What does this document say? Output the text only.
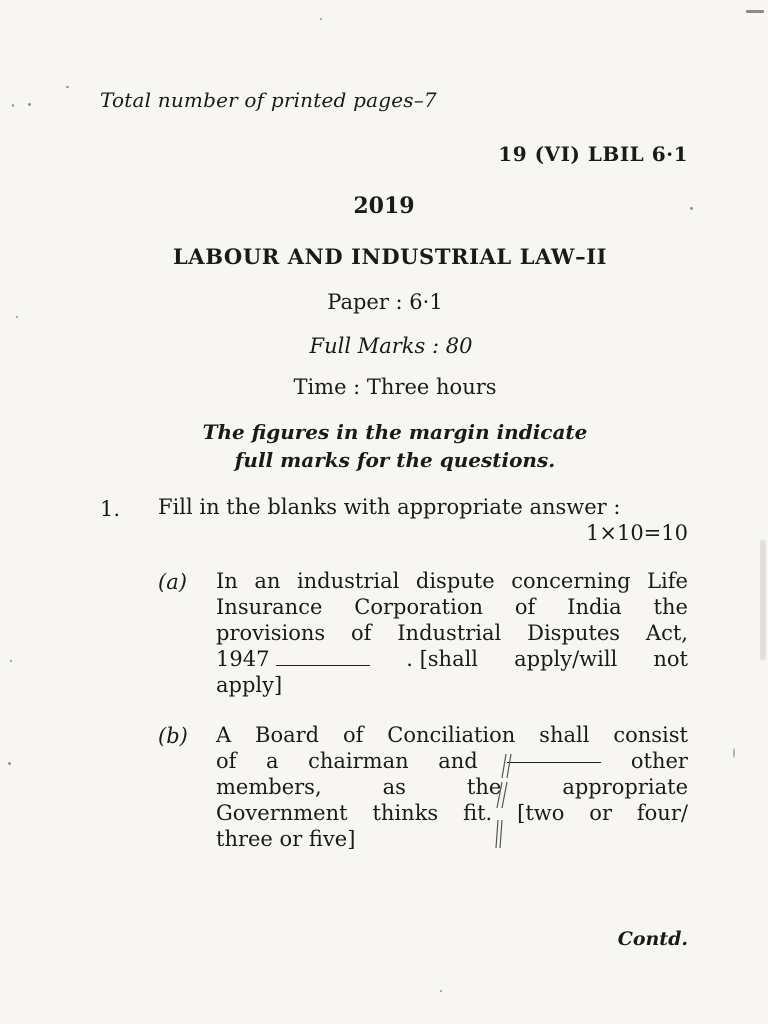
Total number of printed pages–7
19 (VI) LBIL 6·1
2019
LABOUR AND INDUSTRIAL LAW–II
Paper : 6·1
Full Marks : 80
Time : Three hours
The figures in the margin indicate
full marks for the questions.
1. Fill in the blanks with appropriate answer :
1×10=10
(a) In an industrial dispute concerning Life
Insurance Corporation of India the
provisions of Industrial Disputes Act,
1947	. [shall apply/will not
apply]
(b) A Board of Conciliation shall consist
of a chairman and	other
members,	as	the	appropriate
Government thinks fit. [two or four/
three or five]
Contd.
